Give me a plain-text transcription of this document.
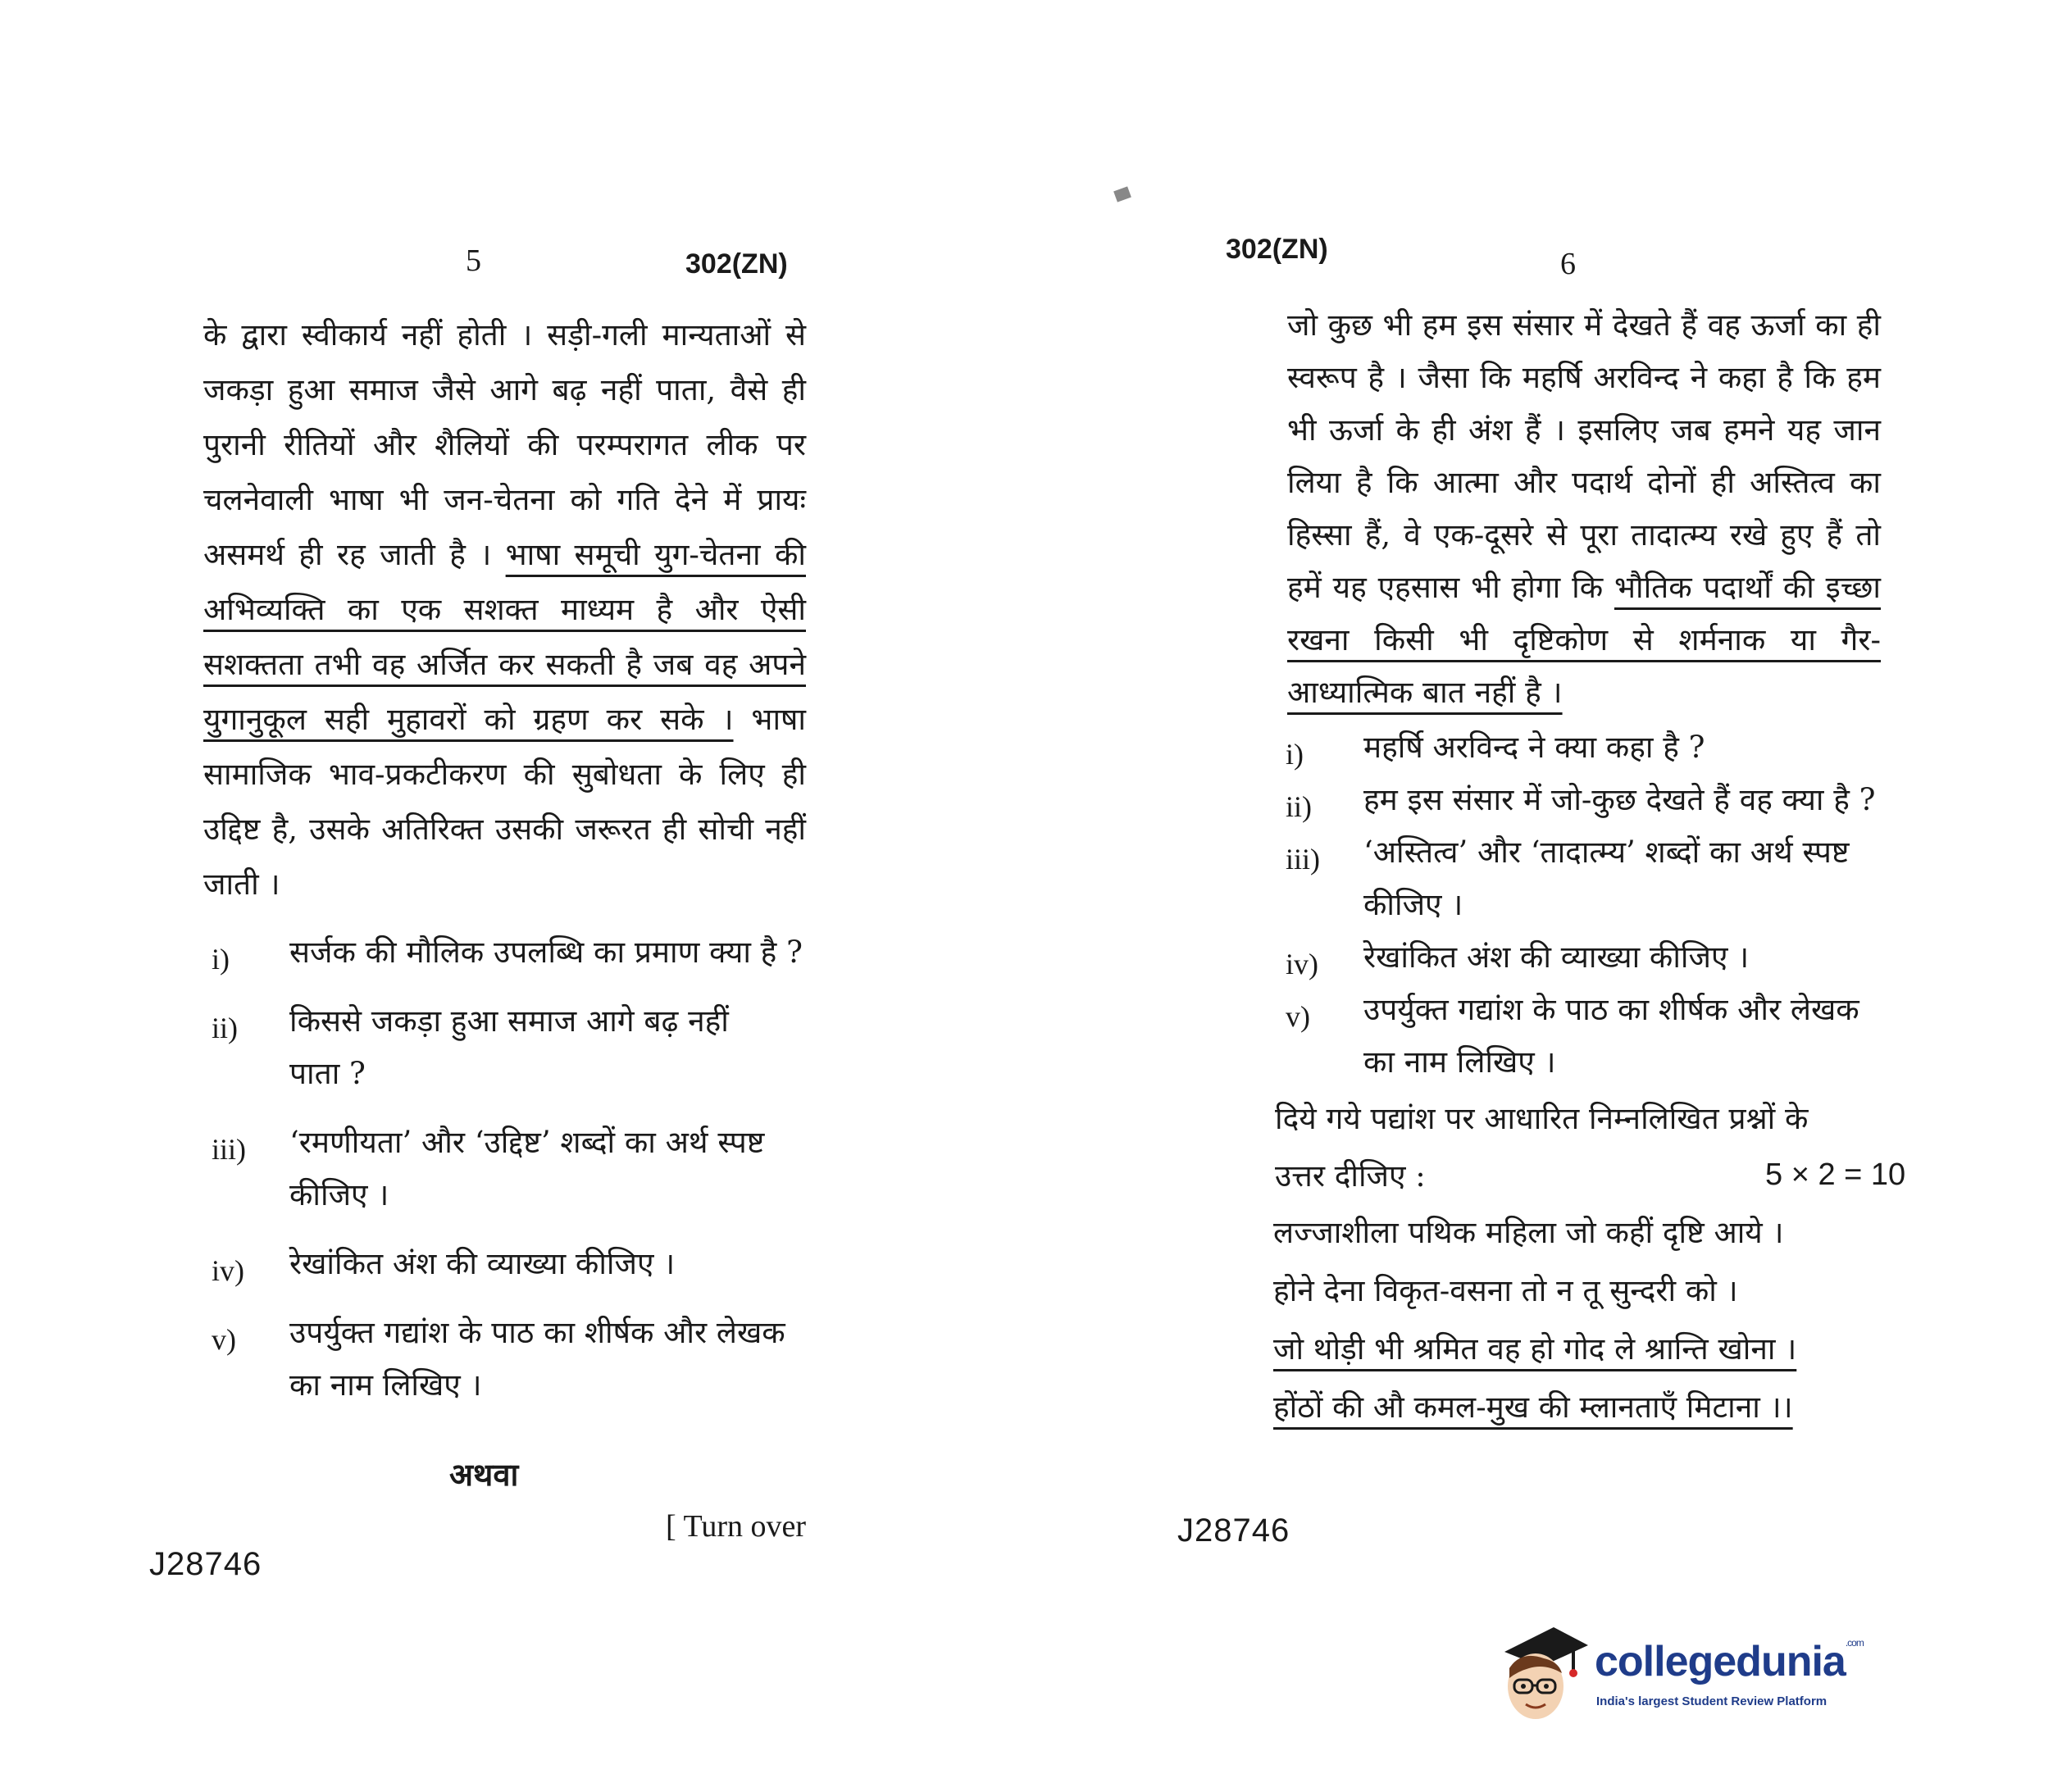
5	302(ZN)
के द्वारा स्वीकार्य नहीं होती । सड़ी-गली मान्यताओं से
जकड़ा हुआ समाज जैसे आगे बढ़ नहीं पाता, वैसे ही
पुरानी रीतियों और शैलियों की परम्परागत लीक पर
चलनेवाली भाषा भी जन-चेतना को गति देने में प्रायः
असमर्थ ही रह जाती है । भाषा समूची युग-चेतना की
अभिव्यक्ति का एक सशक्त माध्यम है और ऐसी
सशक्तता तभी वह अर्जित कर सकती है जब वह अपने
युगानुकूल सही मुहावरों को ग्रहण कर सके । भाषा
सामाजिक भाव-प्रकटीकरण की सुबोधता के लिए ही
उद्दिष्ट है, उसके अतिरिक्त उसकी जरूरत ही सोची नहीं
जाती ।
i) सर्जक की मौलिक उपलब्धि का प्रमाण क्या है ?
ii) किससे जकड़ा हुआ समाज आगे बढ़ नहीं
पाता ?
iii) ‘रमणीयता’ और ‘उद्दिष्ट’ शब्दों का अर्थ स्पष्ट
कीजिए ।
iv) रेखांकित अंश की व्याख्या कीजिए ।
v) उपर्युक्त गद्यांश के पाठ का शीर्षक और लेखक
का नाम लिखिए ।
अथवा
[ Turn over
J28746
302(ZN)	6
जो कुछ भी हम इस संसार में देखते हैं वह ऊर्जा का ही
स्वरूप है । जैसा कि महर्षि अरविन्द ने कहा है कि हम
भी ऊर्जा के ही अंश हैं । इसलिए जब हमने यह जान
लिया है कि आत्मा और पदार्थ दोनों ही अस्तित्व का
हिस्सा हैं, वे एक-दूसरे से पूरा तादात्म्य रखे हुए हैं तो
हमें यह एहसास भी होगा कि भौतिक पदार्थों की इच्छा
रखना किसी भी दृष्टिकोण से शर्मनाक या गैर-
आध्यात्मिक बात नहीं है ।
i) महर्षि अरविन्द ने क्या कहा है ?
ii) हम इस संसार में जो-कुछ देखते हैं वह क्या है ?
iii) ‘अस्तित्व’ और ‘तादात्म्य’ शब्दों का अर्थ स्पष्ट
कीजिए ।
iv) रेखांकित अंश की व्याख्या कीजिए ।
v) उपर्युक्त गद्यांश के पाठ का शीर्षक और लेखक
का नाम लिखिए ।
दिये गये पद्यांश पर आधारित निम्नलिखित प्रश्नों के
उत्तर दीजिए :	5 × 2 = 10
लज्जाशीला पथिक महिला जो कहीं दृष्टि आये ।
होने देना विकृत-वसना तो न तू सुन्दरी को ।
जो थोड़ी भी श्रमित वह हो गोद ले श्रान्ति खोना ।
होंठों की औ कमल-मुख की म्लानताएँ मिटाना ।।
J28746
collegedunia$^{.com}$
India's largest Student Review Platform
